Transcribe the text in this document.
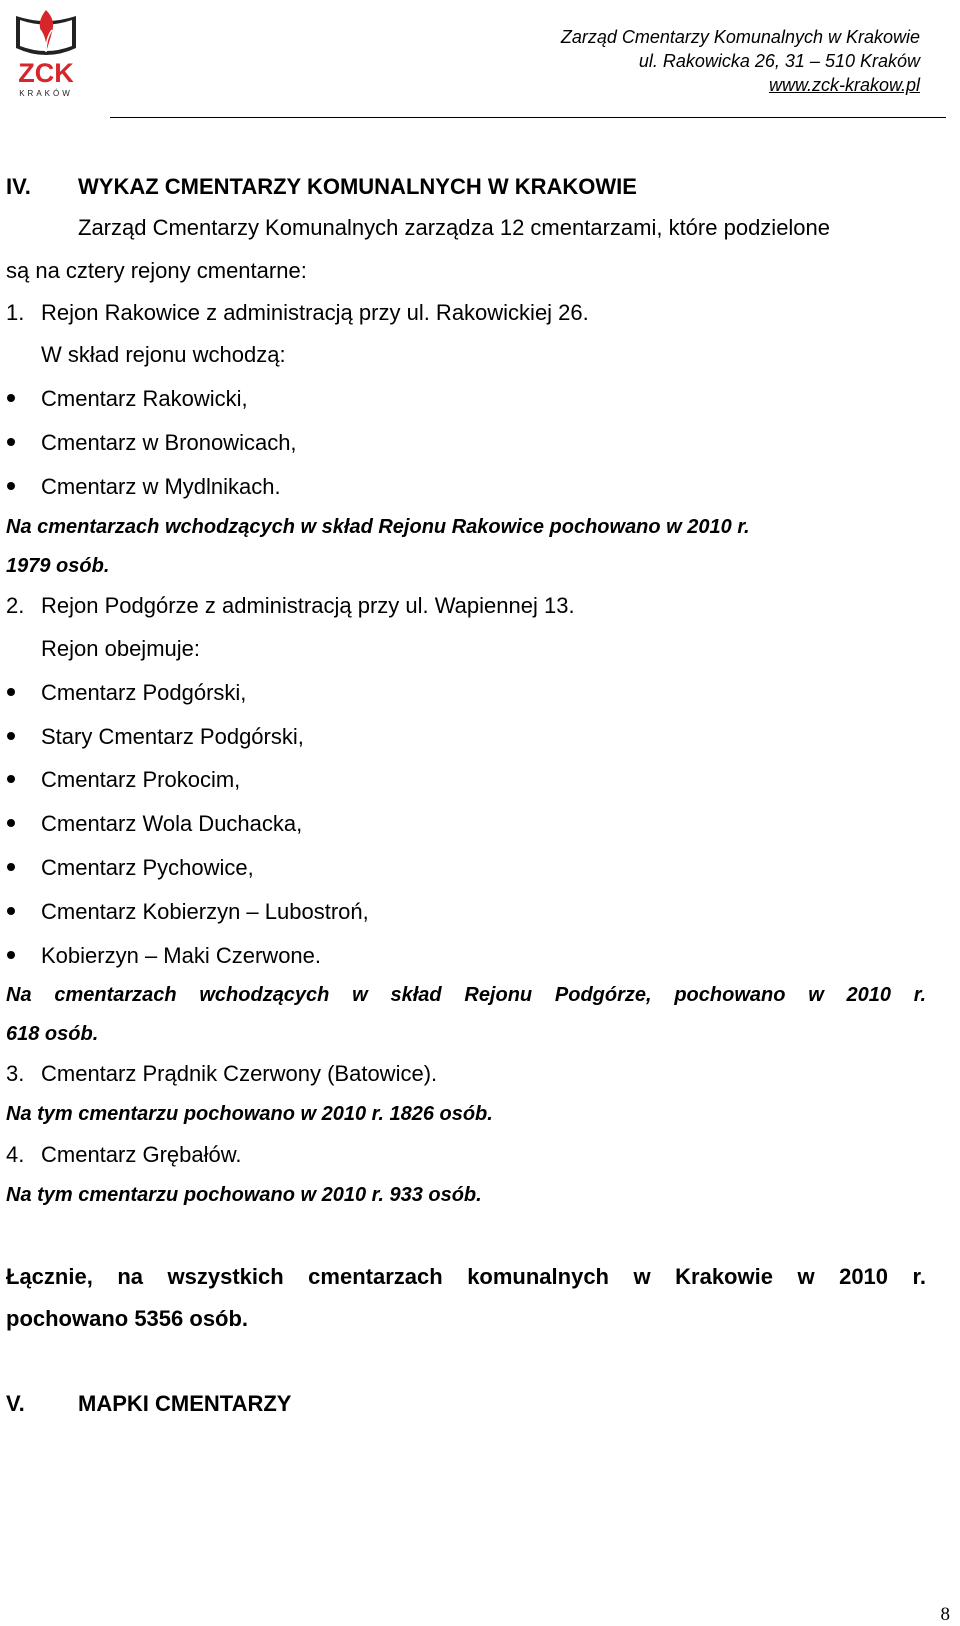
ZCK
KRAKÓW
Zarząd Cmentarzy Komunalnych w Krakowie
ul. Rakowicka 26, 31 – 510 Kraków
www.zck-krakow.pl
IV. WYKAZ CMENTARZY KOMUNALNYCH W KRAKOWIE
Zarząd Cmentarzy Komunalnych zarządza 12 cmentarzami, które podzielone
są na cztery rejony cmentarne:
1. Rejon Rakowice z administracją przy ul. Rakowickiej 26.
W skład rejonu wchodzą:
Cmentarz Rakowicki,
Cmentarz w Bronowicach,
Cmentarz w Mydlnikach.
Na cmentarzach wchodzących w skład Rejonu Rakowice pochowano w 2010 r.
1979 osób.
2. Rejon Podgórze z administracją przy ul. Wapiennej 13.
Rejon obejmuje:
Cmentarz Podgórski,
Stary Cmentarz Podgórski,
Cmentarz Prokocim,
Cmentarz Wola Duchacka,
Cmentarz Pychowice,
Cmentarz Kobierzyn – Lubostroń,
Kobierzyn – Maki Czerwone.
Na cmentarzach wchodzących w skład Rejonu Podgórze, pochowano w 2010 r.
618 osób.
3. Cmentarz Prądnik Czerwony (Batowice).
Na tym cmentarzu pochowano w 2010 r. 1826 osób.
4. Cmentarz Grębałów.
Na tym cmentarzu pochowano w 2010 r. 933 osób.
Łącznie, na wszystkich cmentarzach komunalnych w Krakowie w 2010 r.
pochowano 5356 osób.
V. MAPKI CMENTARZY
8
